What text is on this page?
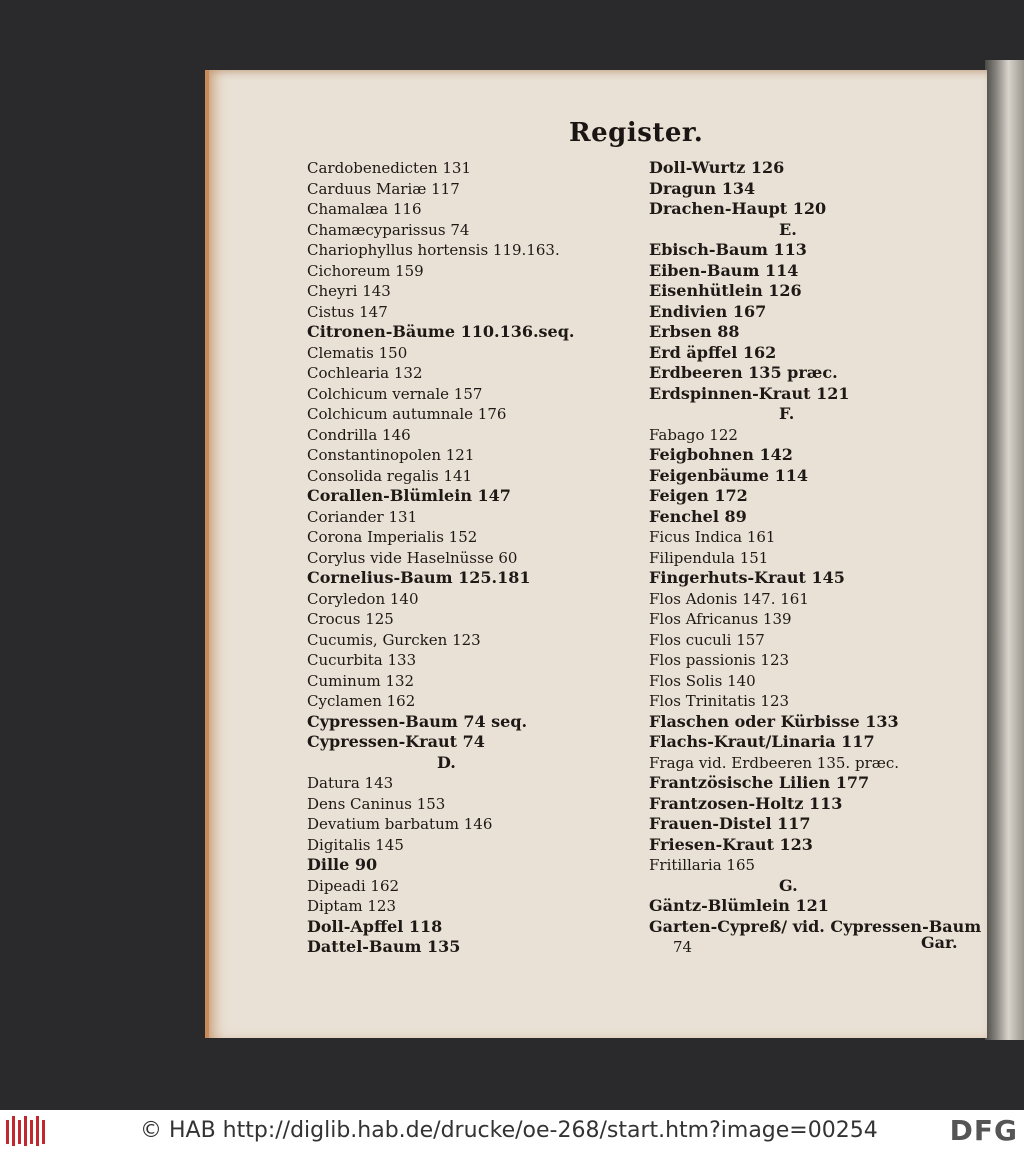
Register.
Cardobenedicten 131
Carduus Mariæ 117
Chamalæa 116
Chamæcyparissus 74
Chariophyllus hortensis 119.163.
Cichoreum 159
Cheyri 143
Cistus 147
Citronen-Bäume 110.136.seq.
Clematis 150
Cochlearia 132
Colchicum vernale 157
Colchicum autumnale 176
Condrilla 146
Constantinopolen 121
Consolida regalis 141
Corallen-Blümlein 147
Coriander 131
Corona Imperialis 152
Corylus vide Haselnüsse 60
Cornelius-Baum 125.181
Coryledon 140
Crocus 125
Cucumis, Gurcken 123
Cucurbita 133
Cuminum 132
Cyclamen 162
Cypressen-Baum 74 seq.
Cypressen-Kraut 74
D.
Datura 143
Dens Caninus 153
Devatium barbatum 146
Digitalis 145
Dille 90
Dipeadi 162
Diptam 123
Doll-Apffel 118
Dattel-Baum 135
Doll-Wurtz 126
Dragun 134
Drachen-Haupt 120
E.
Ebisch-Baum 113
Eiben-Baum 114
Eisenhütlein 126
Endivien 167
Erbsen 88
Erd äpffel 162
Erdbeeren 135 præc.
Erdspinnen-Kraut 121
F.
Fabago 122
Feigbohnen 142
Feigenbäume 114
Feigen 172
Fenchel 89
Ficus Indica 161
Filipendula 151
Fingerhuts-Kraut 145
Flos Adonis 147. 161
Flos Africanus 139
Flos cuculi 157
Flos passionis 123
Flos Solis 140
Flos Trinitatis 123
Flaschen oder Kürbisse 133
Flachs-Kraut/Linaria 117
Fraga vid. Erdbeeren 135. præc.
Frantzösische Lilien 177
Frantzosen-Holtz 113
Frauen-Distel 117
Friesen-Kraut 123
Fritillaria 165
G.
Gäntz-Blümlein 121
Garten-Cypreß/ vid. Cypressen-Baum
74	Gar.
© HAB http://diglib.hab.de/drucke/oe-268/start.htm?image=00254	DFG
